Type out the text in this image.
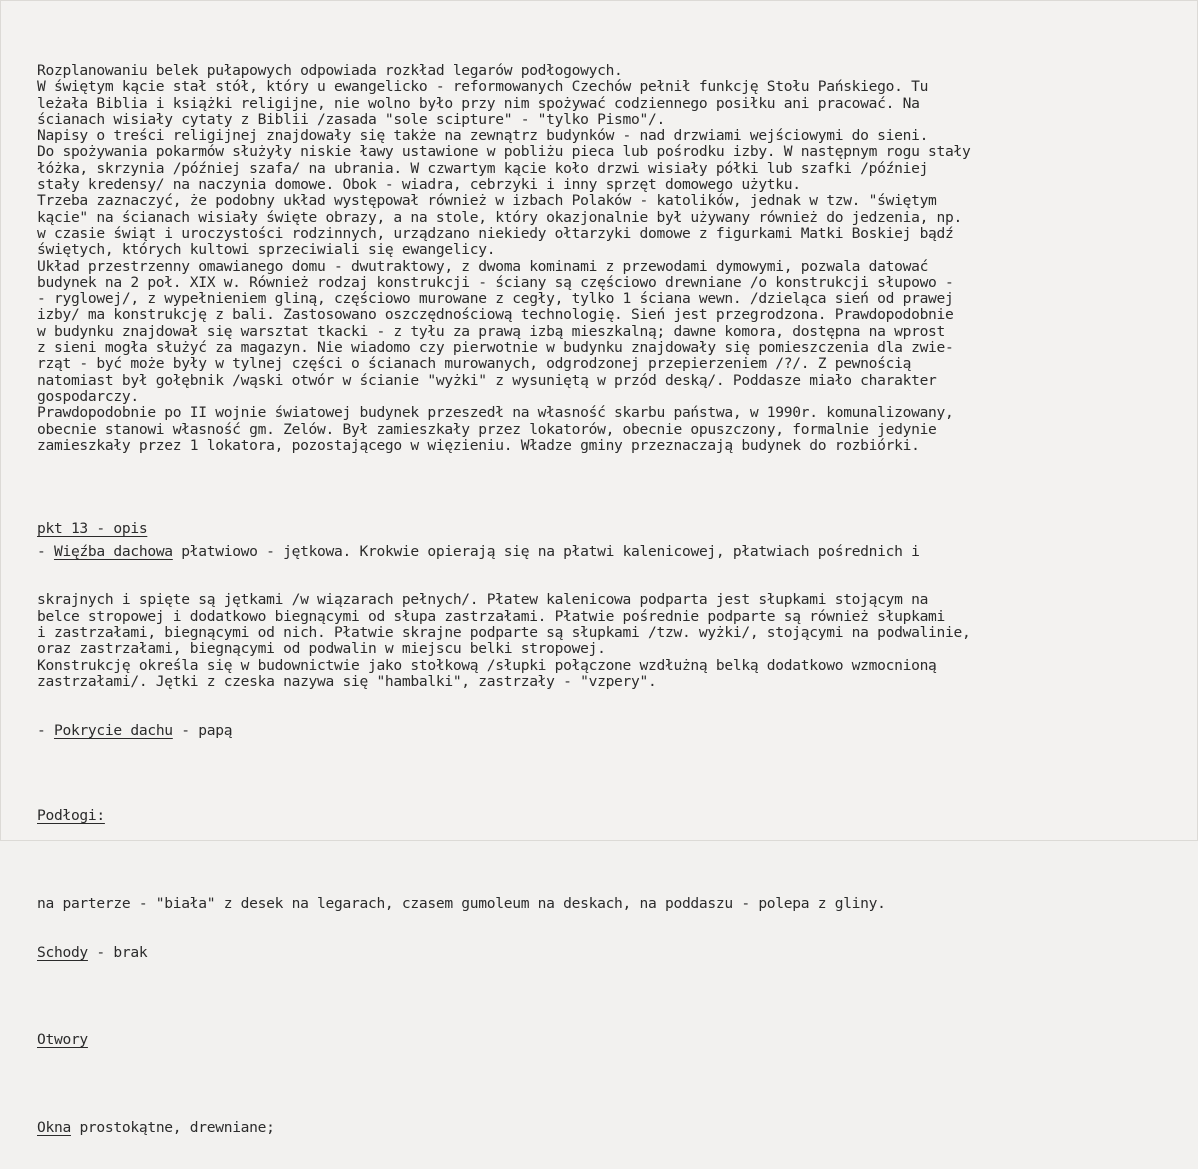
Rozplanowaniu belek pułapowych odpowiada rozkład legarów podłogowych.
W świętym kącie stał stół, który u ewangelicko - reformowanych Czechów pełnił funkcję Stołu Pańskiego. Tu
leżała Biblia i książki religijne, nie wolno było przy nim spożywać codziennego posiłku ani pracować. Na
ścianach wisiały cytaty z Biblii /zasada "sole scipture" - "tylko Pismo"/.
Napisy o treści religijnej znajdowały się także na zewnątrz budynków - nad drzwiami wejściowymi do sieni.
Do spożywania pokarmów służyły niskie ławy ustawione w pobliżu pieca lub pośrodku izby. W następnym rogu stały
łóżka, skrzynia /później szafa/ na ubrania. W czwartym kącie koło drzwi wisiały półki lub szafki /później
stały kredensy/ na naczynia domowe. Obok - wiadra, cebrzyki i inny sprzęt domowego użytku.
Trzeba zaznaczyć, że podobny układ występował również w izbach Polaków - katolików, jednak w tzw. "świętym
kącie" na ścianach wisiały święte obrazy, a na stole, który okazjonalnie był używany również do jedzenia, np.
w czasie świąt i uroczystości rodzinnych, urządzano niekiedy ołtarzyki domowe z figurkami Matki Boskiej bądź
świętych, których kultowi sprzeciwiali się ewangelicy.
Układ przestrzenny omawianego domu - dwutraktowy, z dwoma kominami z przewodami dymowymi, pozwala datować
budynek na 2 poł. XIX w. Również rodzaj konstrukcji - ściany są częściowo drewniane /o konstrukcji słupowo -
- ryglowej/, z wypełnieniem gliną, częściowo murowane z cegły, tylko 1 ściana wewn. /dzieląca sień od prawej
izby/ ma konstrukcję z bali. Zastosowano oszczędnościową technologię. Sień jest przegrodzona. Prawdopodobnie
w budynku znajdował się warsztat tkacki - z tyłu za prawą izbą mieszkalną; dawne komora, dostępna na wprost
z sieni mogła służyć za magazyn. Nie wiadomo czy pierwotnie w budynku znajdowały się pomieszczenia dla zwie-
rząt - być może były w tylnej części o ścianach murowanych, odgrodzonej przepierzeniem /?/. Z pewnością
natomiast był gołębnik /wąski otwór w ścianie "wyżki" z wysuniętą w przód deską/. Poddasze miało charakter
gospodarczy.
Prawdopodobnie po II wojnie światowej budynek przeszedł na własność skarbu państwa, w 1990r. komunalizowany,
obecnie stanowi własność gm. Zelów. Był zamieszkały przez lokatorów, obecnie opuszczony, formalnie jedynie
zamieszkały przez 1 lokatora, pozostającego w więzieniu. Władze gminy przeznaczają budynek do rozbiórki.

pkt 13 - opis

- Więźba dachowa płatwiowo - jętkowa. Krokwie opierają się na płatwi kalenicowej, płatwiach pośrednich i

skrajnych i spięte są jętkami /w wiązarach pełnych/. Płatew kalenicowa podparta jest słupkami stojącym na
belce stropowej i dodatkowo biegnącymi od słupa zastrzałami. Płatwie pośrednie podparte są również słupkami
i zastrzałami, biegnącymi od nich. Płatwie skrajne podparte są słupkami /tzw. wyżki/, stojącymi na podwalinie,
oraz zastrzałami, biegnącymi od podwalin w miejscu belki stropowej.
Konstrukcję określa się w budownictwie jako stołkową /słupki połączone wzdłużną belką dodatkowo wzmocnioną
zastrzałami/. Jętki z czeska nazywa się "hambalki", zastrzały - "vzpery".

- Pokrycie dachu - papą

Podłogi:

na parterze - "biała" z desek na legarach, czasem gumoleum na deskach, na poddaszu - polepa z gliny.

Schody - brak

Otwory

Okna prostokątne, drewniane;
